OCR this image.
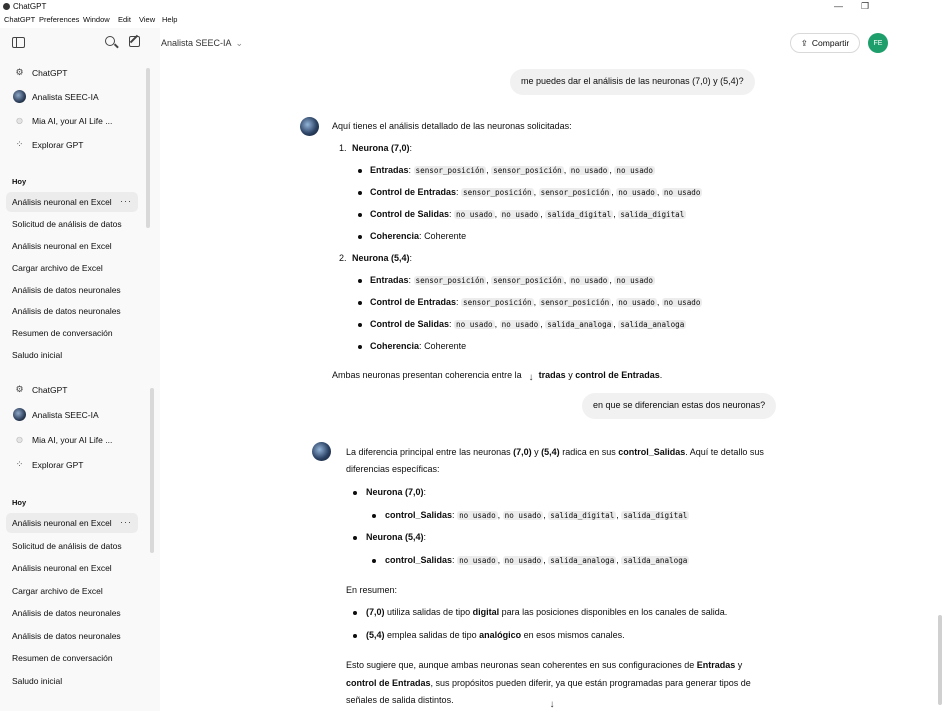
ChatGPT	— ❐
ChatGPT Preferences Window Edit View Help
⚙ ChatGPT
Analista SEEC-IA
◍	Mia AI, your AI Life ...
⁘	Explorar GPT
Hoy
Análisis neuronal en Excel ···
Solicitud de análisis de datos
Análisis neuronal en Excel
Cargar archivo de Excel
Análisis de datos neuronales
Análisis de datos neuronales
Resumen de conversación
Saludo inicial
⚙ ChatGPT
Analista SEEC-IA
◍	Mia AI, your AI Life ...
⁘	Explorar GPT
Hoy
Análisis neuronal en Excel ···
Solicitud de análisis de datos
Análisis neuronal en Excel
Cargar archivo de Excel
Análisis de datos neuronales
Análisis de datos neuronales
Resumen de conversación
Saludo inicial
Analista SEEC-IA ⌄	⇪ Compartir	FE
me puedes dar el análisis de las neuronas (7,0) y (5,4)?
Aquí tienes el análisis detallado de las neuronas solicitadas:
1. Neurona (7,0):
Entradas: sensor_posición , sensor_posición , no usado , no usado
Control de Entradas: sensor_posición , sensor_posición , no usado , no usado
Control de Salidas: no usado , no usado , salida_digital , salida_digital
Coherencia: Coherente
2. Neurona (5,4):
Entradas: sensor_posición , sensor_posición , no usado , no usado
Control de Entradas: sensor_posición , sensor_posición , no usado , no usado
Control de Salidas: no usado , no usado , salida_analoga , salida_analoga
Coherencia: Coherente
Ambas neuronas presentan coherencia entre la tradas y control de Entradas.
↓
en que se diferencian estas dos neuronas?
La diferencia principal entre las neuronas (7,0) y (5,4) radica en sus control_Salidas. Aquí te detallo sus
diferencias específicas:
Neurona (7,0):
control_Salidas: no usado , no usado , salida_digital , salida_digital
Neurona (5,4):
control_Salidas: no usado , no usado , salida_analoga , salida_analoga
En resumen:
(7,0) utiliza salidas de tipo digital para las posiciones disponibles en los canales de salida.
(5,4) emplea salidas de tipo analógico en esos mismos canales.
Esto sugiere que, aunque ambas neuronas sean coherentes en sus configuraciones de Entradas y
control de Entradas, sus propósitos pueden diferir, ya que están programadas para generar tipos de
señales de salida distintos.	↓
